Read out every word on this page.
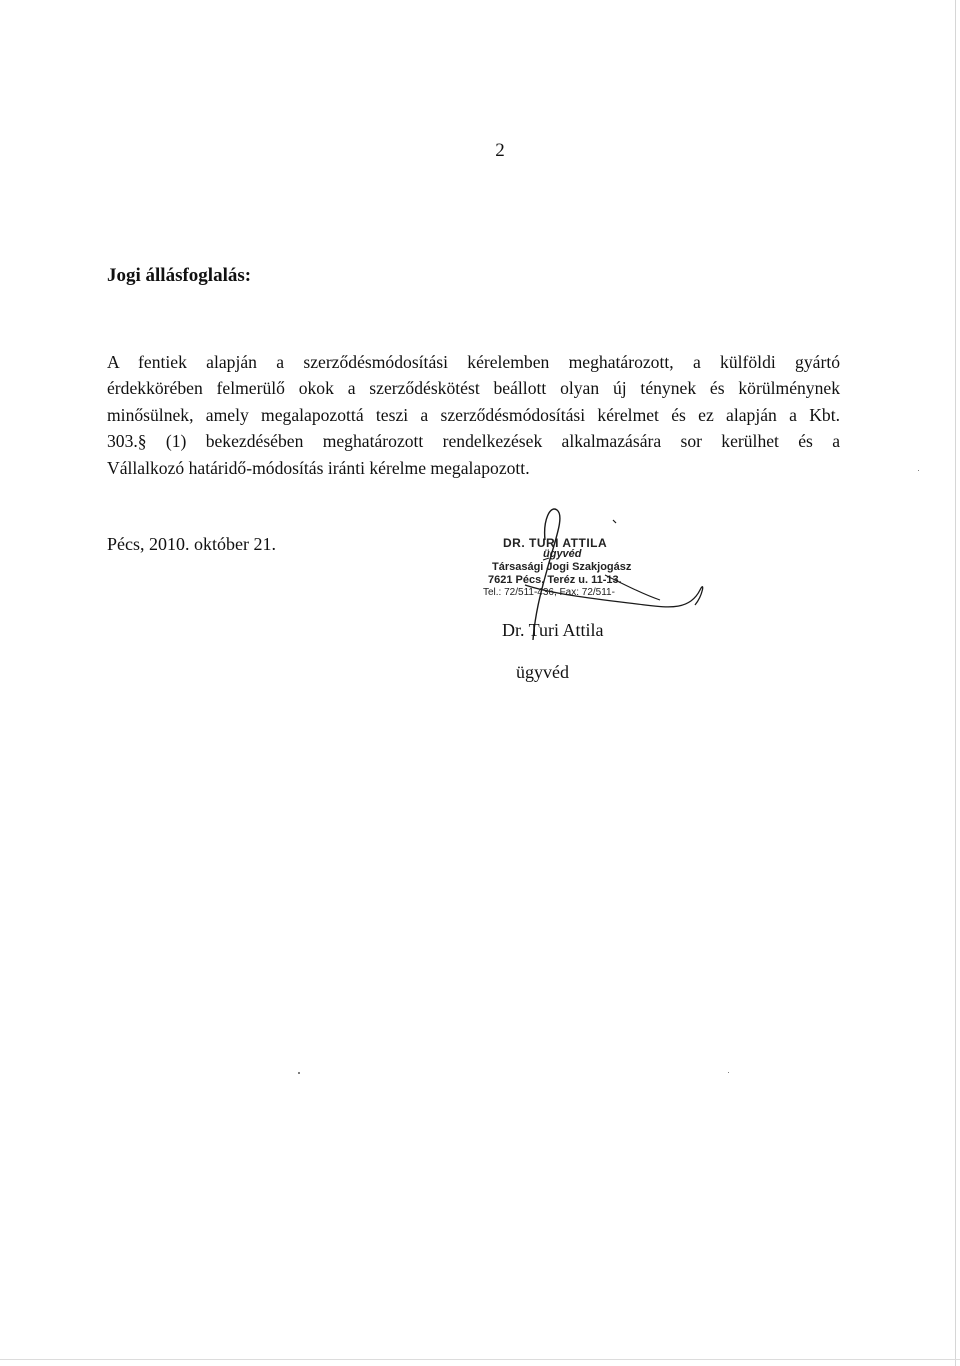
2
Jogi állásfoglalás:
A fentiek alapján a szerződésmódosítási kérelemben meghatározott, a külföldi gyártó
érdekkörében felmerülő okok a szerződéskötést beállott olyan új ténynek és körülménynek
minősülnek, amely megalapozottá teszi a szerződésmódosítási kérelmet és ez alapján a Kbt.
303.§ (1) bekezdésében meghatározott rendelkezések alkalmazására sor kerülhet és a
Vállalkozó határidő-módosítás iránti kérelme megalapozott.
Pécs, 2010. október 21.	DR. TURI ATTILA
ügyvéd
Társasági Jogi Szakjogász
7621 Pécs, Teréz u. 11-13.
Tel.: 72/511-436, Fax: 72/511-
Dr. Turi Attila
ügyvéd
